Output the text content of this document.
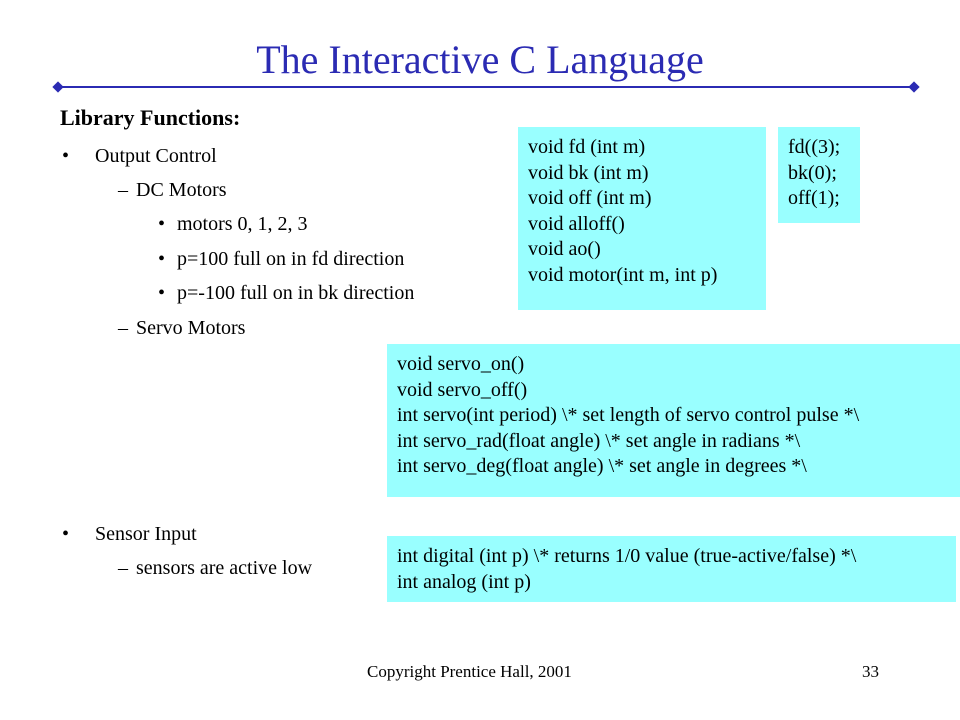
The Interactive C Language
Library Functions:
• Output Control
– DC Motors
• motors 0, 1, 2, 3
• p=100 full on in fd direction
• p=-100 full on in bk direction
– Servo Motors
• Sensor Input
– sensors are active low
void fd (int m)
void bk (int m)
void off (int m)
void alloff()
void ao()
void motor(int m, int p)
fd((3);
bk(0);
off(1);
void servo_on()
void servo_off()
int servo(int period) \* set length of servo control pulse *\
int servo_rad(float angle) \* set angle in radians *\
int servo_deg(float angle) \* set angle in degrees *\
int digital (int p) \* returns 1/0 value (true-active/false) *\
int analog (int p)
Copyright Prentice Hall, 2001	33
